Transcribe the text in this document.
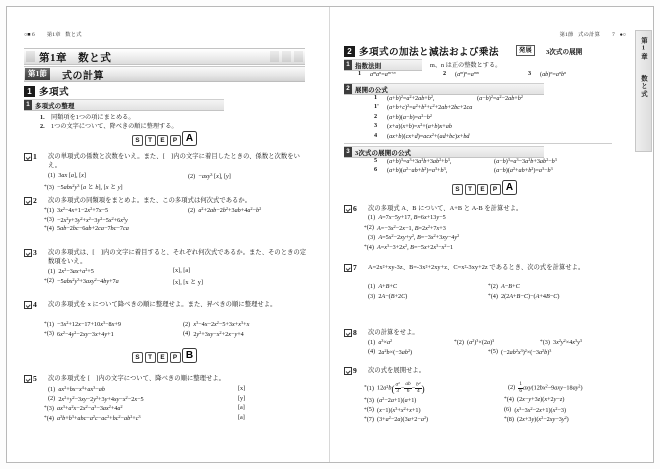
○■ 6 第1章 数と式
第1章　数と式
第1節	式の計算
1 多項式
1 多項式の整理
1. 同類項を1つの項にまとめる。
2. 1つの文字について、降べきの順に整理する。
S	T	E	P A
1 次の単項式の係数と次数をいえ。また、[　]内の文字に着目したときの、係数と次数をいえ。
(1)  3ax [a], [x]	(2)  −axy$^3$ [x], [y]
$*(3) -5abx^2y^3$ [a と b], [x と y]
2 次の多項式の同類項をまとめよ。また、この多項式は何次式であるか。
*(1)  $3x^2-4x+1-2x^2+7x-5$	(2) $a^2+2ab-2b^2+3ab+4a^2-b^2$
$*(3) -2x^2y+3y^2+x^2-3y^2-5x^2+6x^2y$
*(4)  5ab−2bc−6ab+2ca−7bc−7ca
3 次の多項式は、[　]内の文字に着目すると、それぞれ何次式であるか。また、そのときの定数項をいえ。
(1)  $2x^2-3ax+a^2+5$	[x], [a]
$*(2) -5abx^2y^3+3axy^2-4by+7a$	[x], [x と y]
4 次の多項式を x について降べきの順に整理せよ。また、昇べきの順に整理せよ。
$*(1) -3x^2+12x-17+10x^3-8x+9$	(2) $x^3-4x-2x^2-5+3x+x^3+x$
*(3)  $6x^2-4y^2-2xy-3x+4y+1$	(4)  $2y^2+3xy-x^2+2x-y+4$
S	T	E	P B
5 次の多項式を [　]内の文字について、降べきの順に整理せよ。
(1) $ax^2+bx-x^4+ax^3-ab$	[x]
(2)  $2x^2+y^2-3xy-2y^2+3y+4xy-x^2-2x-5$	[y]
*(3) $ax^3+a^2x-2x^2-a^3-3ax^2+4a^2$	[a]
*(4) $a^2b+b^3+abc-a^2c-ac^2+bc^2-ab^2+c^3$	[a]
第1節 式の計算 7 ●○
第1章
数と式
2 多項式の加法と減法および乗法	発展	3次式の展開
1 指数法則	m、n は正の整数とする。
1 $a^ma^n=a^{m+n}$	2 $(a^m)^n=a^{mn}$	3 $(ab)^n=a^nb^n$
2 展開の公式
1 $(a+b)^2=a^2+2ab+b^2$,	$(a-b)^2=a^2-2ab+b^2$
1' $(a+b+c)^2=a^2+b^2+c^2+2ab+2bc+2ca$
2 $(a+b)(a-b)=a^2-b^2$
3 $(x+a)(x+b)=x^2+(a+b)x+ab$
4 (ax+b)(cx+d)=acx$^2$+(ad+bc)x+bd
3 3次式の展開の公式
5 $(a+b)^3=a^3+3a^2b+3ab^2+b^3$,	$(a-b)^3=a^3-3a^2b+3ab^2-b^3$
6 $(a+b)(a^2-ab+b^2)=a^3+b^3$,	$(a-b)(a^2+ab+b^2)=a^3-b^3$
S	T	E	P A
6 次の多項式 A、B について、A+B と A-B を計算せよ。
(1) A=7x−5y+17, B=6x+13y−5
*(2) $A=-3x^2-2x-1$, $B=2x^2+7x+3$
(3) $A=5x^2-2xy+y^2$, $B=-3x^2+3xy-4y^2$
*(4) $A=x^3-3+2x^2$, $B=-5x+2x^3-x^2-1$
7 A=2x²+xy-3z、B=-3x²+2xy+z、C=x²-3xy+2z であるとき、次の式を計算せよ。
(1) A+B+C	*(2) A−B+C
(3)  2A−(B+2C)	*(4)  2(2A+B−C)−(A+4B−C)
8 次の計算をせよ。
(1) $a^3\times a^2$	*(2)  $(a^2)^3\times(2a)^3$	*(3)  $3x^2y^2\times 4x^3y^3$
(4)  $2a^2b\times(-3ab^2)$	*(5)  $(-2ab^2x^3)^2\times(-3a^2b)^3$
9 次の式を展開せよ。
*(1)  $12a^2b( \frac{a^2}{3} - \frac{ab}{6} - \frac{b^2}{4}$ )	$(2) \frac{1}{6} axy(12bx^2-9axy-18ay^2)$
*(3)  $(a^2-2a+1)(a+1)$	*(4)  (2x−y+3z)(x+2y−z)
*(5)  $(x-1)(x^3+x^2+x+1)$	(6)  $(x^3-3x^2-2x+1)(x^2-3)$
*(7)  $(3+a^2-2a)(3a+2-a^2)$	*(8)  $(2x+3y)(x^2-2xy-3y^2)$
